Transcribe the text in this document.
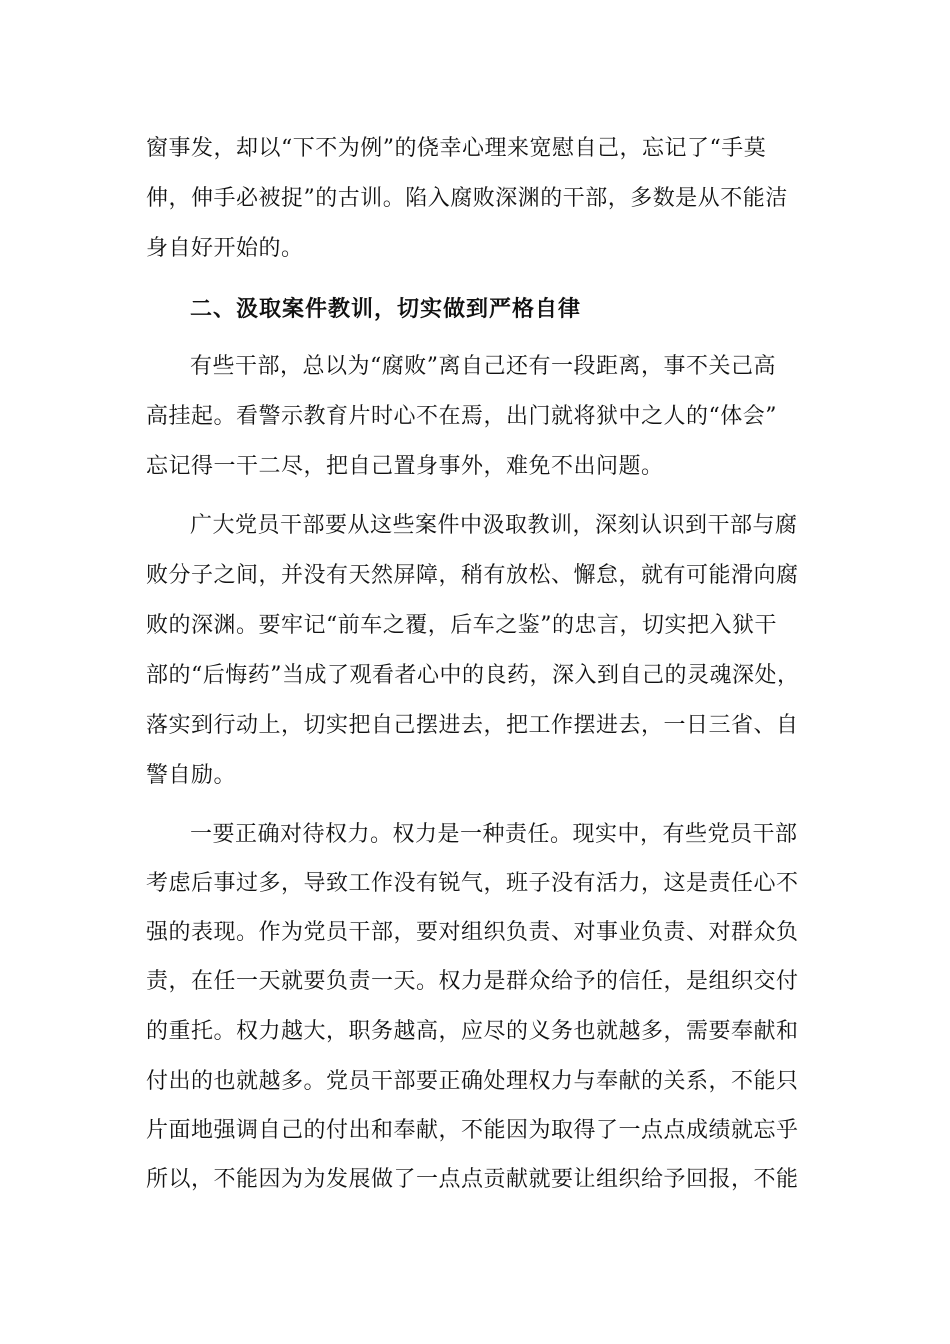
窗事发，却以“下不为例”的侥幸心理来宽慰自己，忘记了“手莫
伸，伸手必被捉”的古训。陷入腐败深渊的干部，多数是从不能洁
身自好开始的。
二、汲取案件教训，切实做到严格自律
有些干部，总以为“腐败”离自己还有一段距离，事不关己高
高挂起。看警示教育片时心不在焉，出门就将狱中之人的“体会”
忘记得一干二尽，把自己置身事外，难免不出问题。
广大党员干部要从这些案件中汲取教训，深刻认识到干部与腐
败分子之间，并没有天然屏障，稍有放松、懈怠，就有可能滑向腐
败的深渊。要牢记“前车之覆，后车之鉴”的忠言，切实把入狱干
部的“后悔药”当成了观看者心中的良药，深入到自己的灵魂深处，
落实到行动上，切实把自己摆进去，把工作摆进去，一日三省、自
警自励。
一要正确对待权力。权力是一种责任。现实中，有些党员干部
考虑后事过多，导致工作没有锐气，班子没有活力，这是责任心不
强的表现。作为党员干部，要对组织负责、对事业负责、对群众负
责，在任一天就要负责一天。权力是群众给予的信任，是组织交付
的重托。权力越大，职务越高，应尽的义务也就越多，需要奉献和
付出的也就越多。党员干部要正确处理权力与奉献的关系，不能只
片面地强调自己的付出和奉献，不能因为取得了一点点成绩就忘乎
所以，不能因为为发展做了一点点贡献就要让组织给予回报，不能
